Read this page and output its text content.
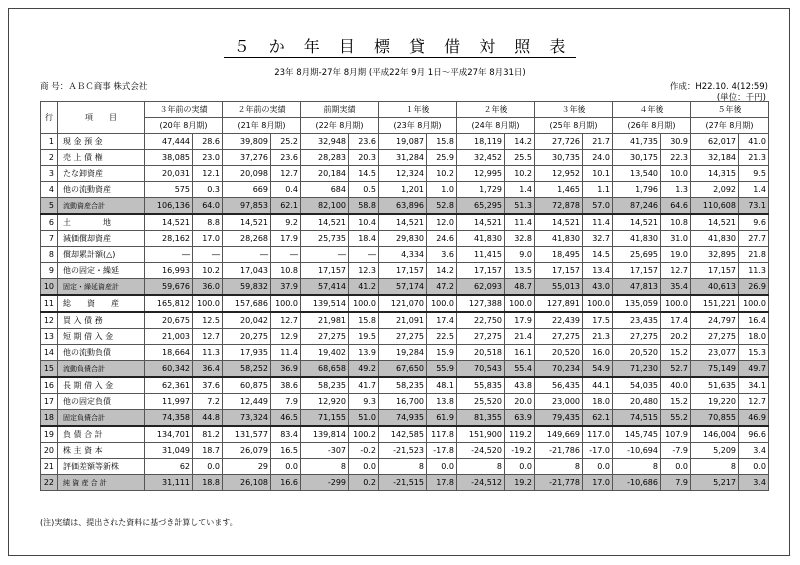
５ か 年 目 標 貸 借 対 照 表
23年 8月期-27年 8月期 (平成22年 9月 1日～平成27年 8月31日)
商 号：ＡＢＣ商事 株式会社	作成：H22.10. 4(12:59)
(単位：千円)
行	項　　目	３年前の実績		２年前の実績		前期実績		１年後		２年後		３年後		４年後		５年後	
		(20年 8月期)		(21年 8月期)		(22年 8月期)		(23年 8月期)		(24年 8月期)		(25年 8月期)		(26年 8月期)		(27年 8月期)	
1	現 金 預 金	47,444	28.6	39,809	25.2	32,948	23.6	19,087	15.8	18,119	14.2	27,726	21.7	41,735	30.9	62,017	41.0
2	売 上 債 権	38,085	23.0	37,276	23.6	28,283	20.3	31,284	25.9	32,452	25.5	30,735	24.0	30,175	22.3	32,184	21.3
3	たな卸資産	20,031	12.1	20,098	12.7	20,184	14.5	12,324	10.2	12,995	10.2	12,952	10.1	13,540	10.0	14,315	9.5
4	他の流動資産	575	0.3	669	0.4	684	0.5	1,201	1.0	1,729	1.4	1,465	1.1	1,796	1.3	2,092	1.4
5	流動資産合計	106,136	64.0	97,853	62.1	82,100	58.8	63,896	52.8	65,295	51.3	72,878	57.0	87,246	64.6	110,608	73.1
6	土　　　　地	14,521	8.8	14,521	9.2	14,521	10.4	14,521	12.0	14,521	11.4	14,521	11.4	14,521	10.8	14,521	9.6
7	減価償却資産	28,162	17.0	28,268	17.9	25,735	18.4	29,830	24.6	41,830	32.8	41,830	32.7	41,830	31.0	41,830	27.7
8	償却累計額(△)	―	―	―	―	―	―	4,334	3.6	11,415	9.0	18,495	14.5	25,695	19.0	32,895	21.8
9	他の固定・繰延	16,993	10.2	17,043	10.8	17,157	12.3	17,157	14.2	17,157	13.5	17,157	13.4	17,157	12.7	17,157	11.3
10	固定・繰延資産計	59,676	36.0	59,832	37.9	57,414	41.2	57,174	47.2	62,093	48.7	55,013	43.0	47,813	35.4	40,613	26.9
11	総　　資　　産	165,812	100.0	157,686	100.0	139,514	100.0	121,070	100.0	127,388	100.0	127,891	100.0	135,059	100.0	151,221	100.0
12	買 入 債 務	20,675	12.5	20,042	12.7	21,981	15.8	21,091	17.4	22,750	17.9	22,439	17.5	23,435	17.4	24,797	16.4
13	短 期 借 入 金	21,003	12.7	20,275	12.9	27,275	19.5	27,275	22.5	27,275	21.4	27,275	21.3	27,275	20.2	27,275	18.0
14	他の流動負債	18,664	11.3	17,935	11.4	19,402	13.9	19,284	15.9	20,518	16.1	20,520	16.0	20,520	15.2	23,077	15.3
15	流動負債合計	60,342	36.4	58,252	36.9	68,658	49.2	67,650	55.9	70,543	55.4	70,234	54.9	71,230	52.7	75,149	49.7
16	長 期 借 入 金	62,361	37.6	60,875	38.6	58,235	41.7	58,235	48.1	55,835	43.8	56,435	44.1	54,035	40.0	51,635	34.1
17	他の固定負債	11,997	7.2	12,449	7.9	12,920	9.3	16,700	13.8	25,520	20.0	23,000	18.0	20,480	15.2	19,220	12.7
18	固定負債合計	74,358	44.8	73,324	46.5	71,155	51.0	74,935	61.9	81,355	63.9	79,435	62.1	74,515	55.2	70,855	46.9
19	負 債 合 計	134,701	81.2	131,577	83.4	139,814	100.2	142,585	117.8	151,900	119.2	149,669	117.0	145,745	107.9	146,004	96.6
20	株 主 資 本	31,049	18.7	26,079	16.5	-307	-0.2	-21,523	-17.8	-24,520	-19.2	-21,786	-17.0	-10,694	-7.9	5,209	3.4
21	評価差額等新株	62	0.0	29	0.0	8	0.0	8	0.0	8	0.0	8	0.0	8	0.0	8	0.0
22	純 資 産 合 計	31,111	18.8	26,108	16.6	-299	0.2	-21,515	17.8	-24,512	19.2	-21,778	17.0	-10,686	7.9	5,217	3.4
(注)実績は、提出された資料に基づき計算しています。
